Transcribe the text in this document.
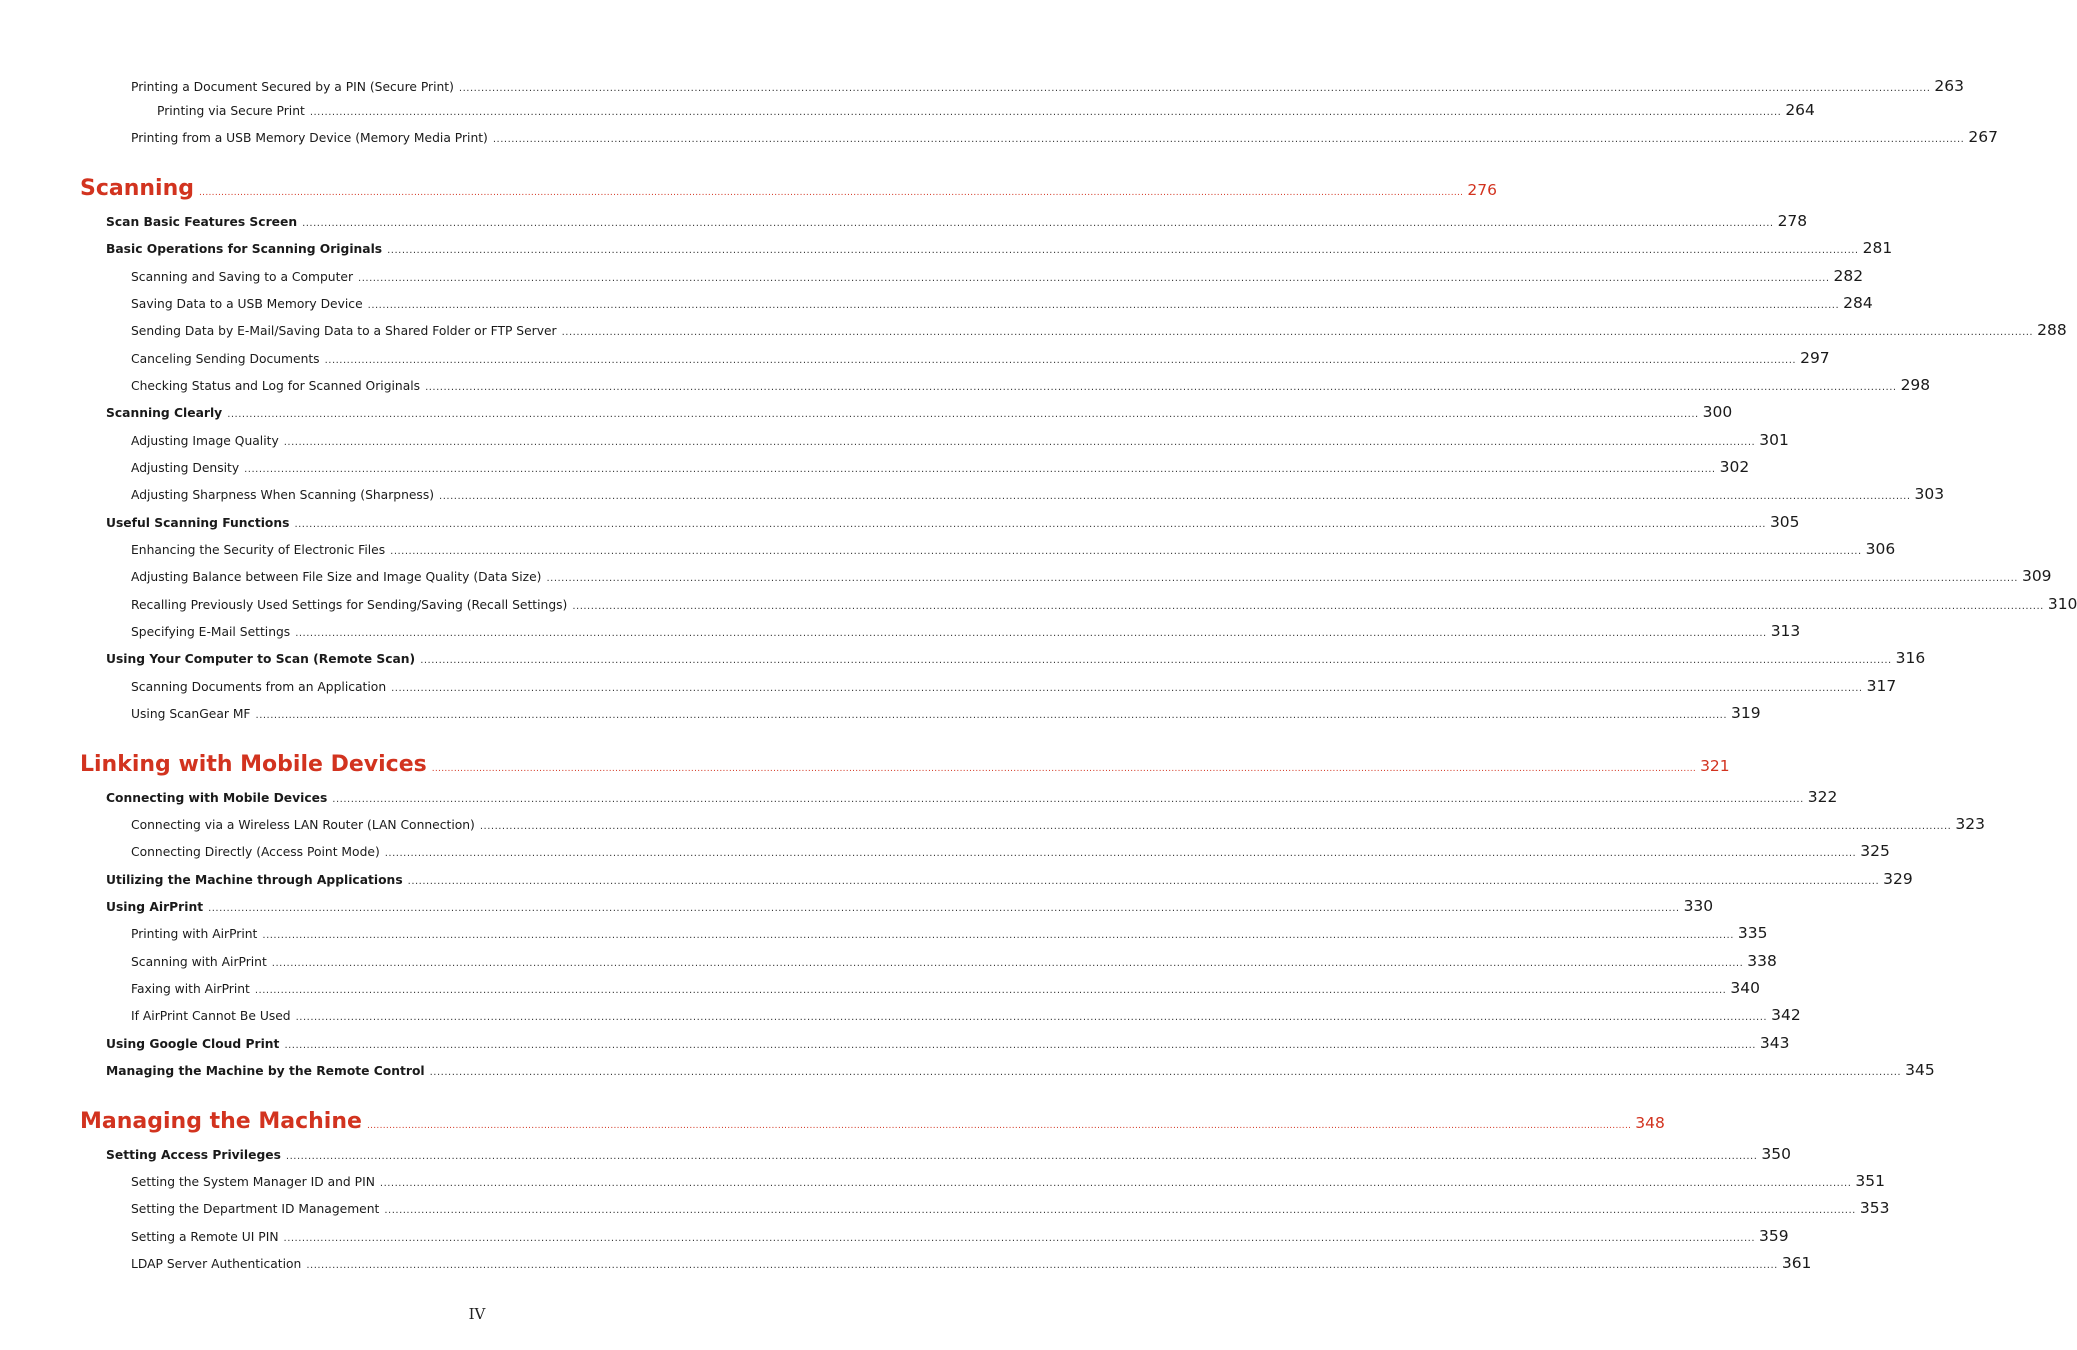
Printing a Document Secured by a PIN (Secure Print) ................................................................................................................................................................................................................................................................................................................................................................................................................ 263
Printing via Secure Print ................................................................................................................................................................................................................................................................................................................................................................................................................ 264
Printing from a USB Memory Device (Memory Media Print) ................................................................................................................................................................................................................................................................................................................................................................................................................ 267
Scanning ................................................................................................................................................................................................................................................................................................................................................................................................................ 276
Scan Basic Features Screen ................................................................................................................................................................................................................................................................................................................................................................................................................ 278
Basic Operations for Scanning Originals ................................................................................................................................................................................................................................................................................................................................................................................................................ 281
Scanning and Saving to a Computer ................................................................................................................................................................................................................................................................................................................................................................................................................ 282
Saving Data to a USB Memory Device ................................................................................................................................................................................................................................................................................................................................................................................................................ 284
Sending Data by E-Mail/Saving Data to a Shared Folder or FTP Server ................................................................................................................................................................................................................................................................................................................................................................................................................ 288
Canceling Sending Documents ................................................................................................................................................................................................................................................................................................................................................................................................................ 297
Checking Status and Log for Scanned Originals ................................................................................................................................................................................................................................................................................................................................................................................................................ 298
Scanning Clearly ................................................................................................................................................................................................................................................................................................................................................................................................................ 300
Adjusting Image Quality ................................................................................................................................................................................................................................................................................................................................................................................................................ 301
Adjusting Density ................................................................................................................................................................................................................................................................................................................................................................................................................ 302
Adjusting Sharpness When Scanning (Sharpness) ................................................................................................................................................................................................................................................................................................................................................................................................................ 303
Useful Scanning Functions ................................................................................................................................................................................................................................................................................................................................................................................................................ 305
Enhancing the Security of Electronic Files ................................................................................................................................................................................................................................................................................................................................................................................................................ 306
Adjusting Balance between File Size and Image Quality (Data Size) ................................................................................................................................................................................................................................................................................................................................................................................................................ 309
Recalling Previously Used Settings for Sending/Saving (Recall Settings) ................................................................................................................................................................................................................................................................................................................................................................................................................ 310
Specifying E-Mail Settings ................................................................................................................................................................................................................................................................................................................................................................................................................ 313
Using Your Computer to Scan (Remote Scan) ................................................................................................................................................................................................................................................................................................................................................................................................................ 316
Scanning Documents from an Application ................................................................................................................................................................................................................................................................................................................................................................................................................ 317
Using ScanGear MF ................................................................................................................................................................................................................................................................................................................................................................................................................ 319
Linking with Mobile Devices ................................................................................................................................................................................................................................................................................................................................................................................................................ 321
Connecting with Mobile Devices ................................................................................................................................................................................................................................................................................................................................................................................................................ 322
Connecting via a Wireless LAN Router (LAN Connection) ................................................................................................................................................................................................................................................................................................................................................................................................................ 323
Connecting Directly (Access Point Mode) ................................................................................................................................................................................................................................................................................................................................................................................................................ 325
Utilizing the Machine through Applications ................................................................................................................................................................................................................................................................................................................................................................................................................ 329
Using AirPrint ................................................................................................................................................................................................................................................................................................................................................................................................................ 330
Printing with AirPrint ................................................................................................................................................................................................................................................................................................................................................................................................................ 335
Scanning with AirPrint ................................................................................................................................................................................................................................................................................................................................................................................................................ 338
Faxing with AirPrint ................................................................................................................................................................................................................................................................................................................................................................................................................ 340
If AirPrint Cannot Be Used ................................................................................................................................................................................................................................................................................................................................................................................................................ 342
Using Google Cloud Print ................................................................................................................................................................................................................................................................................................................................................................................................................ 343
Managing the Machine by the Remote Control ................................................................................................................................................................................................................................................................................................................................................................................................................ 345
Managing the Machine ................................................................................................................................................................................................................................................................................................................................................................................................................ 348
Setting Access Privileges ................................................................................................................................................................................................................................................................................................................................................................................................................ 350
Setting the System Manager ID and PIN ................................................................................................................................................................................................................................................................................................................................................................................................................ 351
Setting the Department ID Management ................................................................................................................................................................................................................................................................................................................................................................................................................ 353
Setting a Remote UI PIN ................................................................................................................................................................................................................................................................................................................................................................................................................ 359
LDAP Server Authentication ................................................................................................................................................................................................................................................................................................................................................................................................................ 361
IV
